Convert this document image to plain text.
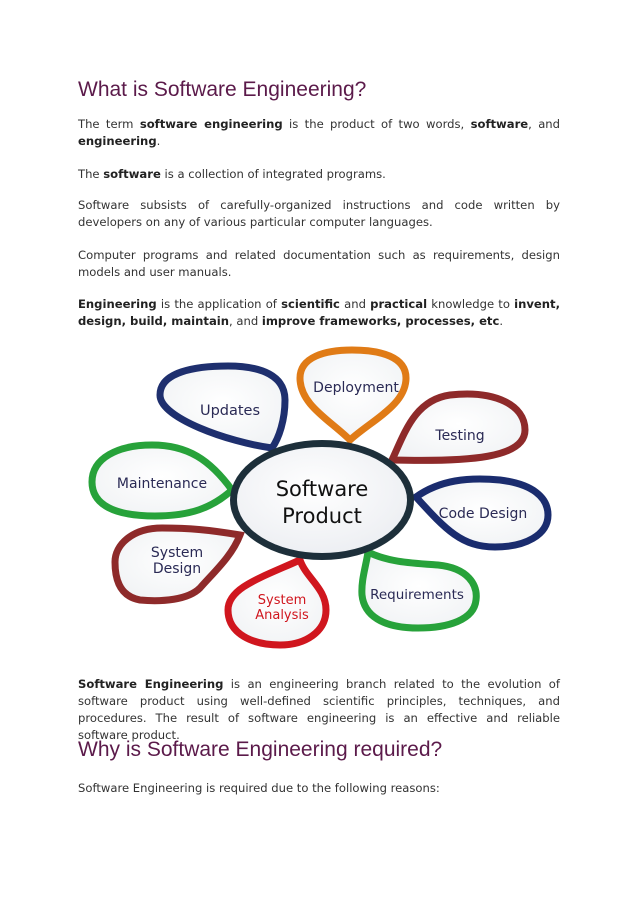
What is Software Engineering?

The term software engineering is the product of two words, software, and engineering.

The software is a collection of integrated programs.

Software subsists of carefully-organized instructions and code written by developers on any of various particular computer languages.

Computer programs and related documentation such as requirements, design models and user manuals.

Engineering is the application of scientific and practical knowledge to invent, design, build, maintain, and improve frameworks, processes, etc.

Updates
Deployment
Testing
Code Design
Requirements
System
Analysis
System
Design
Maintenance	Software
Product

Software Engineering is an engineering branch related to the evolution of software product using well-defined scientific principles, techniques, and procedures. The result of software engineering is an effective and reliable software product.

Why is Software Engineering required?

Software Engineering is required due to the following reasons:
